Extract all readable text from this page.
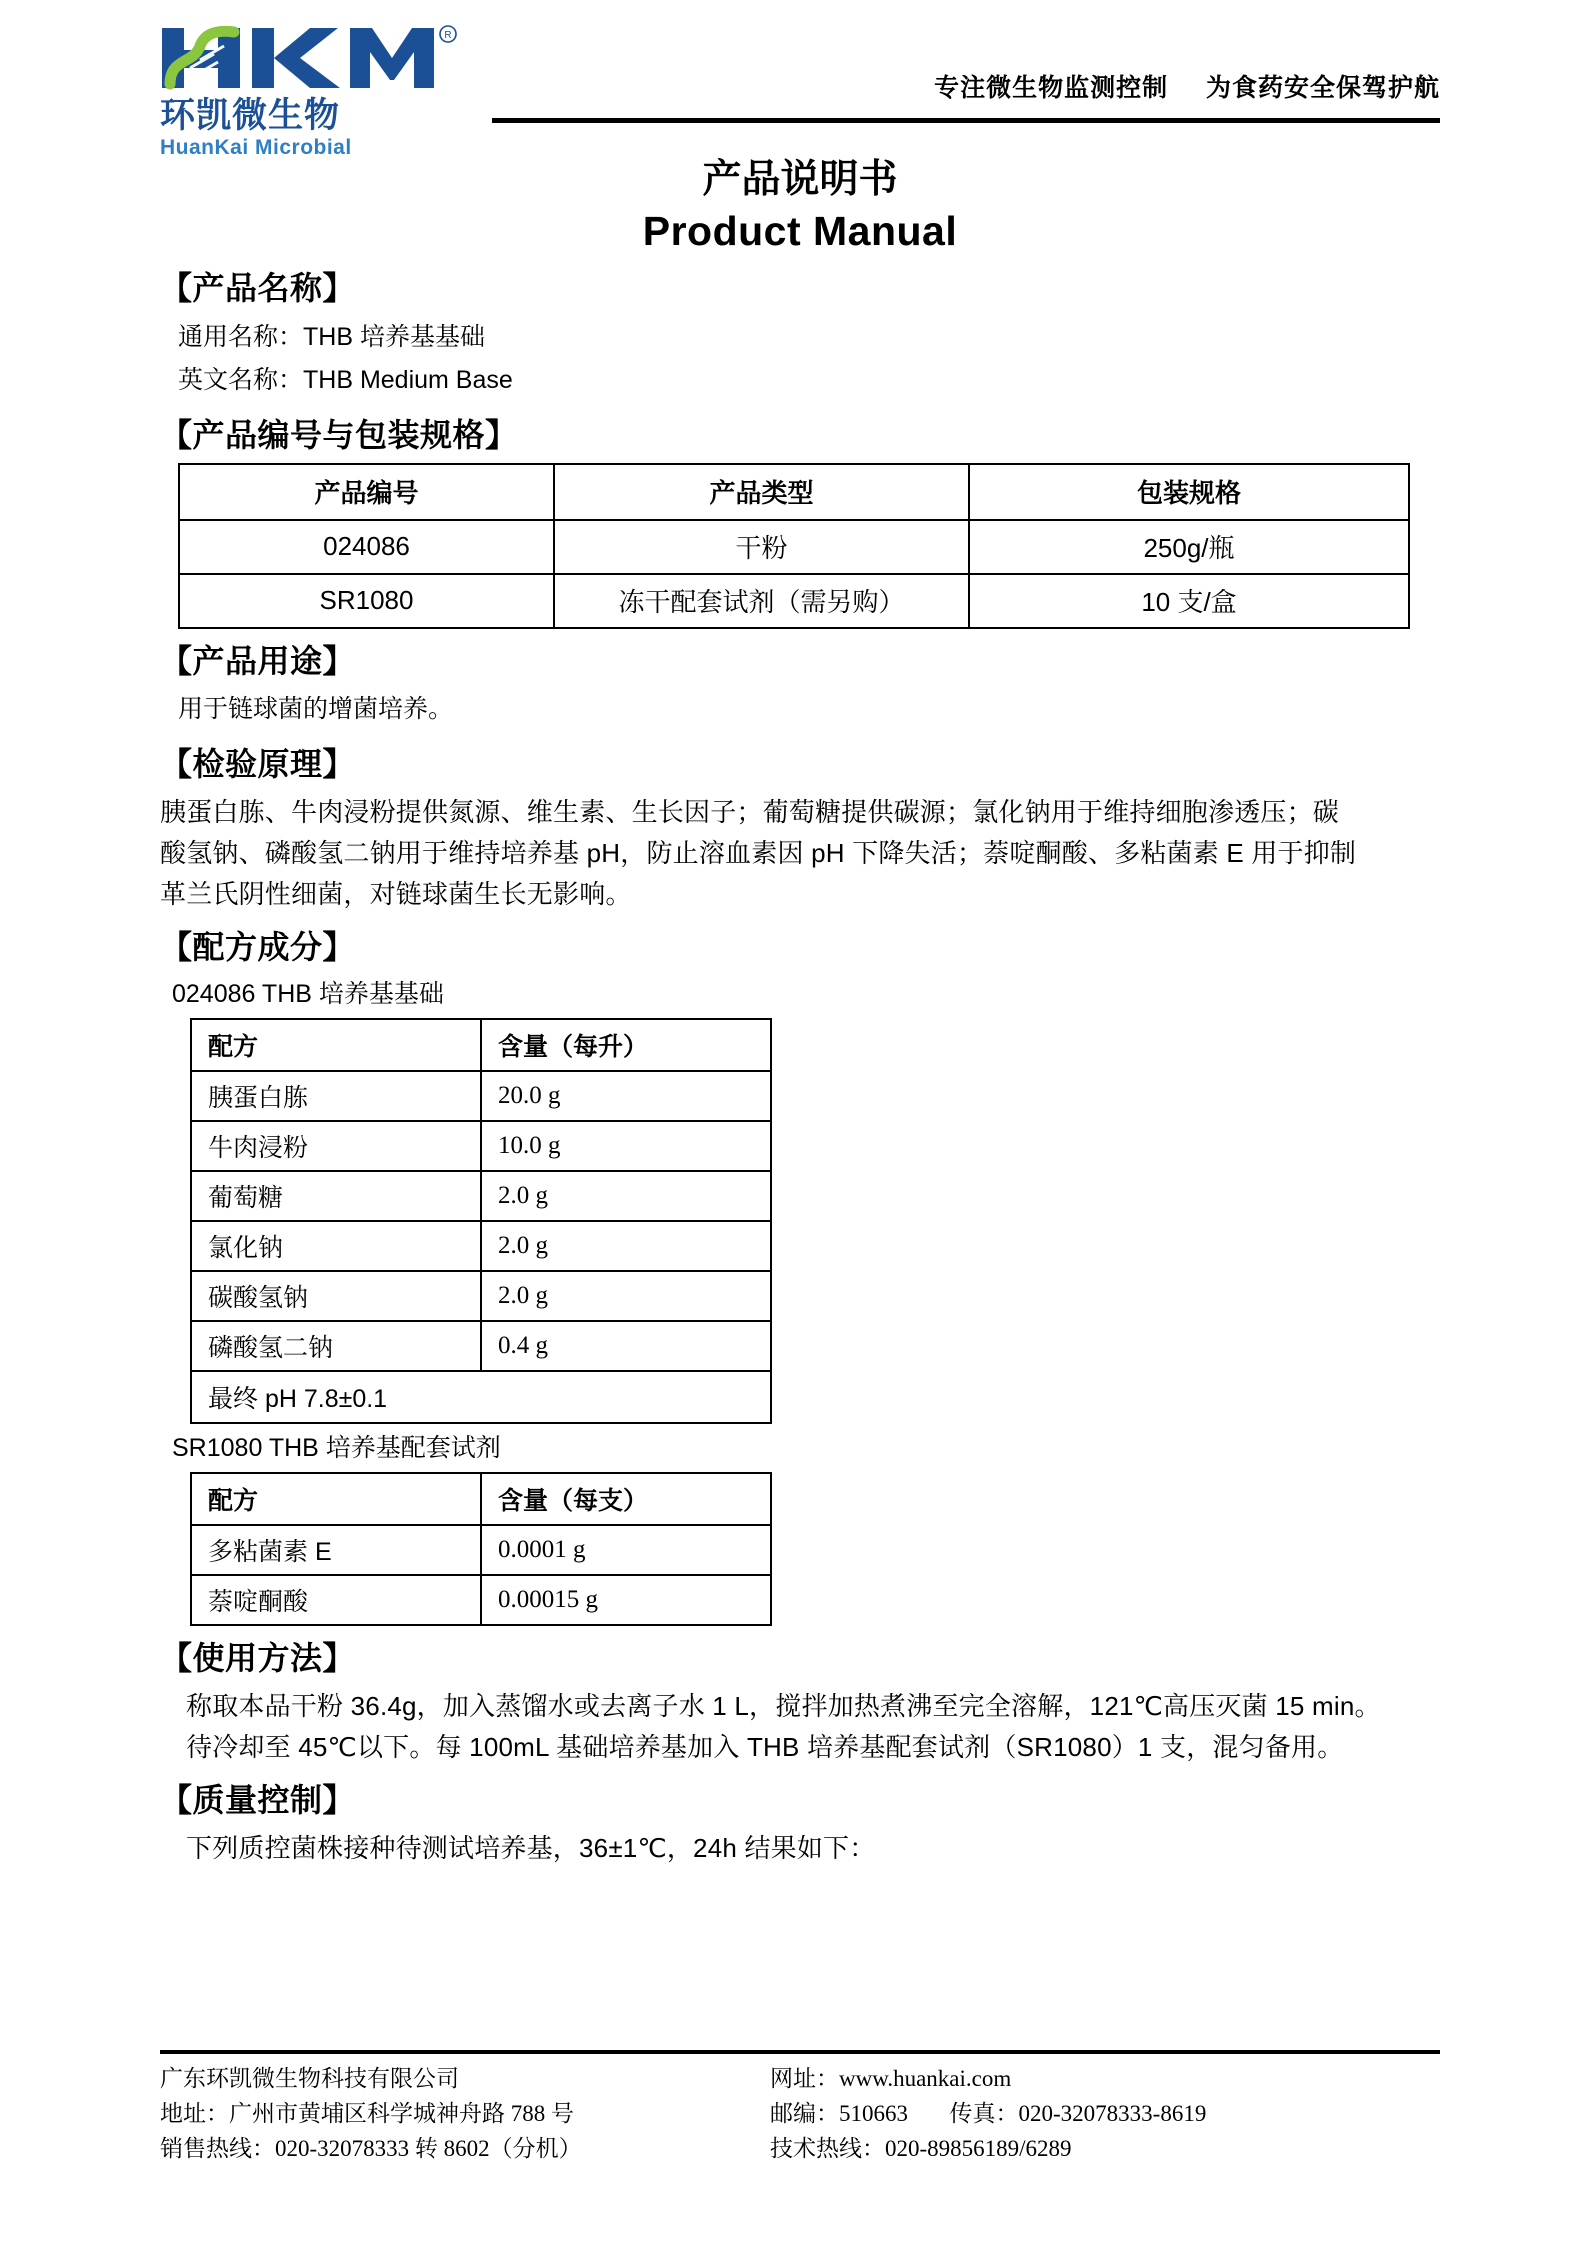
R
环凯微生物
HuanKai Microbial
专注微生物监测控制 为食药安全保驾护航
产品说明书
Product Manual
【产品名称】
通用名称：THB 培养基基础
英文名称：THB Medium Base
【产品编号与包装规格】
产品编号	产品类型	包装规格
024086	干粉	250g/瓶
SR1080	冻干配套试剂（需另购）	10 支/盒
【产品用途】
用于链球菌的增菌培养。
【检验原理】
胰蛋白胨、牛肉浸粉提供氮源、维生素、生长因子；葡萄糖提供碳源；氯化钠用于维持细胞渗透压；碳
酸氢钠、磷酸氢二钠用于维持培养基 pH，防止溶血素因 pH 下降失活；萘啶酮酸、多粘菌素 E 用于抑制
革兰氏阴性细菌，对链球菌生长无影响。
【配方成分】
024086 THB 培养基基础
配方	含量（每升）
胰蛋白胨	20.0 g
牛肉浸粉	10.0 g
葡萄糖	2.0 g
氯化钠	2.0 g
碳酸氢钠	2.0 g
磷酸氢二钠	0.4 g
最终 pH 7.8±0.1	
SR1080 THB 培养基配套试剂
配方	含量（每支）
多粘菌素 E	0.0001 g
萘啶酮酸	0.00015 g
【使用方法】
称取本品干粉 36.4g，加入蒸馏水或去离子水 1 L，搅拌加热煮沸至完全溶解，121℃高压灭菌 15 min。
待冷却至 45℃以下。每 100mL 基础培养基加入 THB 培养基配套试剂（SR1080）1 支，混匀备用。
【质量控制】
下列质控菌株接种待测试培养基，36±1℃，24h 结果如下：
广东环凯微生物科技有限公司
地址：广州市黄埔区科学城神舟路 788 号
销售热线：020-32078333 转 8602（分机）
网址：www.huankai.com
邮编：510663 传真：020-32078333-8619
技术热线：020-89856189/6289
